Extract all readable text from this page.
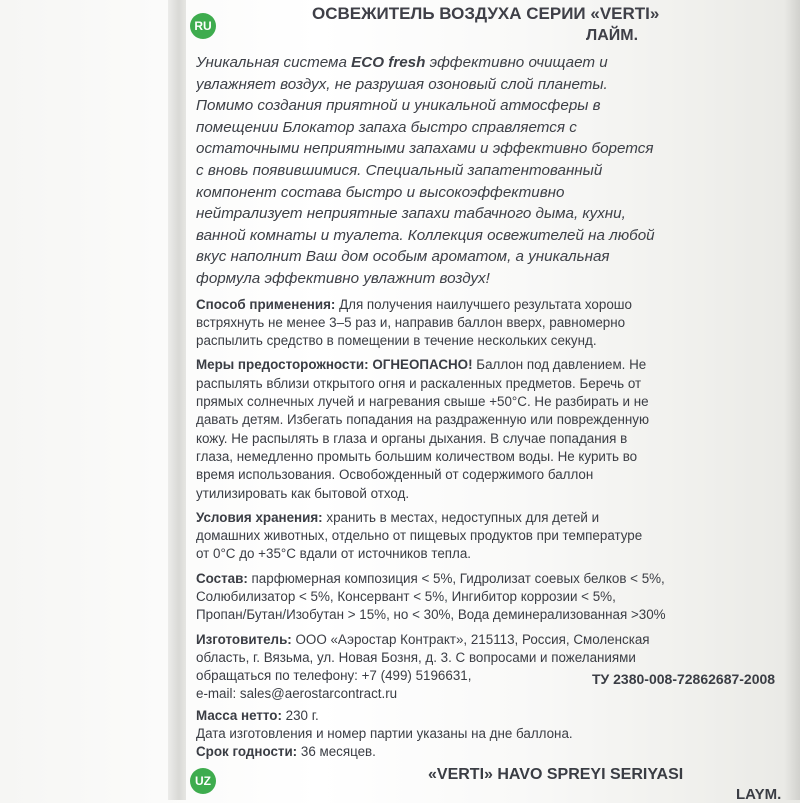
RU
ОСВЕЖИТЕЛЬ ВОЗДУХА СЕРИИ «VERTI»
ЛАЙМ.
Уникальная система ECO fresh эффективно очищает и
увлажняет воздух, не разрушая озоновый слой планеты.
Помимо создания приятной и уникальной атмосферы в
помещении Блокатор запаха быстро справляется с
остаточными неприятными запахами и эффективно борется
с вновь появившимися. Специальный запатентованный
компонент состава быстро и высокоэффективно
нейтрализует неприятные запахи табачного дыма, кухни,
ванной комнаты и туалета. Коллекция освежителей на любой
вкус наполнит Ваш дом особым ароматом, а уникальная
формула эффективно увлажнит воздух!
Способ применения: Для получения наилучшего результата хорошо
встряхнуть не менее 3–5 раз и, направив баллон вверх, равномерно
распылить средство в помещении в течение нескольких секунд.
Меры предосторожности: ОГНЕОПАСНО! Баллон под давлением. Не
распылять вблизи открытого огня и раскаленных предметов. Беречь от
прямых солнечных лучей и нагревания свыше +50°C. Не разбирать и не
давать детям. Избегать попадания на раздраженную или поврежденную
кожу. Не распылять в глаза и органы дыхания. В случае попадания в
глаза, немедленно промыть большим количеством воды. Не курить во
время использования. Освобожденный от содержимого баллон
утилизировать как бытовой отход.
Условия хранения: хранить в местах, недоступных для детей и
домашних животных, отдельно от пищевых продуктов при температуре
от 0°C до +35°C вдали от источников тепла.
Состав: парфюмерная композиция < 5%, Гидролизат соевых белков < 5%,
Солюбилизатор < 5%, Консервант < 5%, Ингибитор коррозии < 5%,
Пропан/Бутан/Изобутан > 15%, но < 30%, Вода деминерализованная >30%
Изготовитель: ООО «Аэростар Контракт», 215113, Россия, Смоленская
область, г. Вязьма, ул. Новая Бозня, д. 3. С вопросами и пожеланиями
обращаться по телефону: +7 (499) 5196631,
e-mail: sales@aerostarcontract.ru
Масса нетто: 230 г.
Дата изготовления и номер партии указаны на дне баллона.
Срок годности: 36 месяцев.
ТУ 2380-008-72862687-2008
UZ	«VERTI» HAVO SPREYI SERIYASI
LAYM.
